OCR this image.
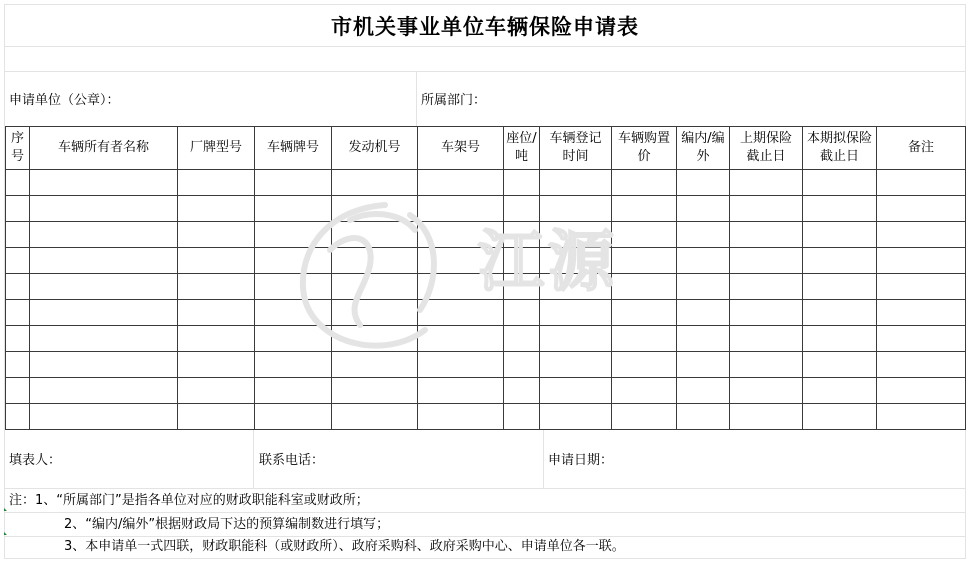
市机关事业单位车辆保险申请表
申请单位（公章）：	所属部门：
序号	车辆所有者名称	厂牌型号	车辆牌号	发动机号	车架号	座位/吨	车辆登记时间	车辆购置价	编内/编外	上期保险截止日	本期拟保险截止日	备注

江源
填表人：	联系电话：	申请日期：
注：1、“所属部门”是指各单位对应的财政职能科室或财政所；
2、“编内/编外”根据财政局下达的预算编制数进行填写；
3、本申请单一式四联，财政职能科（或财政所）、政府采购科、政府采购中心、申请单位各一联。
